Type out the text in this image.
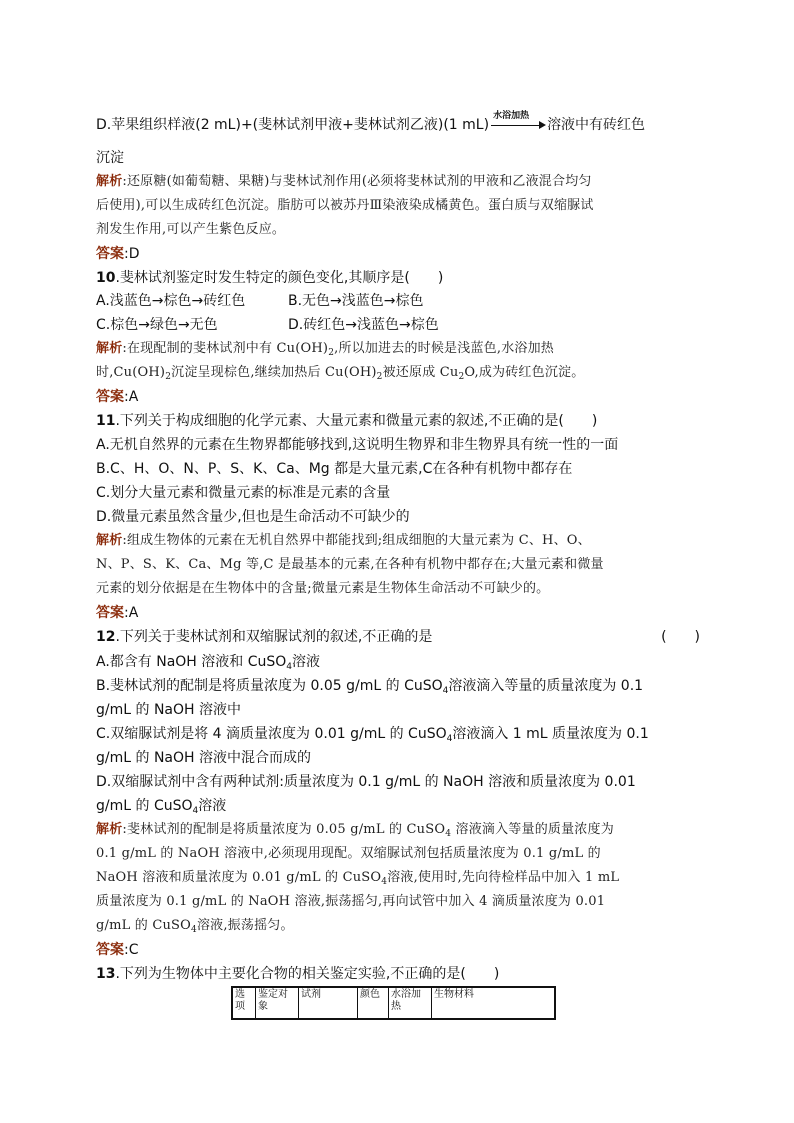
D.苹果组织样液(2 mL)+(斐林试剂甲液+斐林试剂乙液)(1 mL)
水浴加热
溶液中有砖红色
沉淀
解析:还原糖(如葡萄糖、果糖)与斐林试剂作用(必须将斐林试剂的甲液和乙液混合均匀
后使用),可以生成砖红色沉淀。脂肪可以被苏丹Ⅲ染液染成橘黄色。蛋白质与双缩脲试
剂发生作用,可以产生紫色反应。
答案:D
10.斐林试剂鉴定时发生特定的颜色变化,其顺序是(　　)
A.浅蓝色→棕色→砖红色	B.无色→浅蓝色→棕色
C.棕色→绿色→无色	D.砖红色→浅蓝色→棕色
解析:在现配制的斐林试剂中有 $Cu(OH)_2$,所以加进去的时候是浅蓝色,水浴加热
时$,Cu(OH)_2$沉淀呈现棕色,继续加热后 $Cu(OH)_2$被还原成 $Cu_2O$,成为砖红色沉淀。
答案:A
11.下列关于构成细胞的化学元素、大量元素和微量元素的叙述,不正确的是(　　)
A.无机自然界的元素在生物界都能够找到,这说明生物界和非生物界具有统一性的一面
B.C、H、O、N、P、S、K、Ca、Mg 都是大量元素,C在各种有机物中都存在
C.划分大量元素和微量元素的标准是元素的含量
D.微量元素虽然含量少,但也是生命活动不可缺少的
解析:组成生物体的元素在无机自然界中都能找到;组成细胞的大量元素为 C、H、O、
N、P、S、K、Ca、Mg 等,C 是最基本的元素,在各种有机物中都存在;大量元素和微量
元素的划分依据是在生物体中的含量;微量元素是生物体生命活动不可缺少的。
答案:A
12.下列关于斐林试剂和双缩脲试剂的叙述,不正确的是	(　　)
A.都含有 NaOH 溶液和 CuSO$_4$溶液
B.斐林试剂的配制是将质量浓度为 0.05 g/mL 的 CuSO$_4$溶液滴入等量的质量浓度为 0.1
g/mL 的 NaOH 溶液中
C.双缩脲试剂是将 4 滴质量浓度为 0.01 g/mL 的 CuSO$_4$溶液滴入 1 mL 质量浓度为 0.1
g/mL 的 NaOH 溶液中混合而成的
D.双缩脲试剂中含有两种试剂:质量浓度为 0.1 g/mL 的 NaOH 溶液和质量浓度为 0.01
g/mL 的 CuSO$_4$溶液
解析:斐林试剂的配制是将质量浓度为 0.05 g/mL 的 CuSO$_4$ 溶液滴入等量的质量浓度为
0.1 g/mL 的 NaOH 溶液中,必须现用现配。双缩脲试剂包括质量浓度为 0.1 g/mL 的
NaOH 溶液和质量浓度为 0.01 g/mL 的 CuSO$_4$溶液,使用时,先向待检样品中加入 1 mL
质量浓度为 0.1 g/mL 的 NaOH 溶液,振荡摇匀,再向试管中加入 4 滴质量浓度为 0.01
g/mL 的 CuSO$_4$溶液,振荡摇匀。
答案:C
13.下列为生物体中主要化合物的相关鉴定实验,不正确的是(　　)
选项	鉴定对象	试剂	颜色	水浴加热	生物材料
